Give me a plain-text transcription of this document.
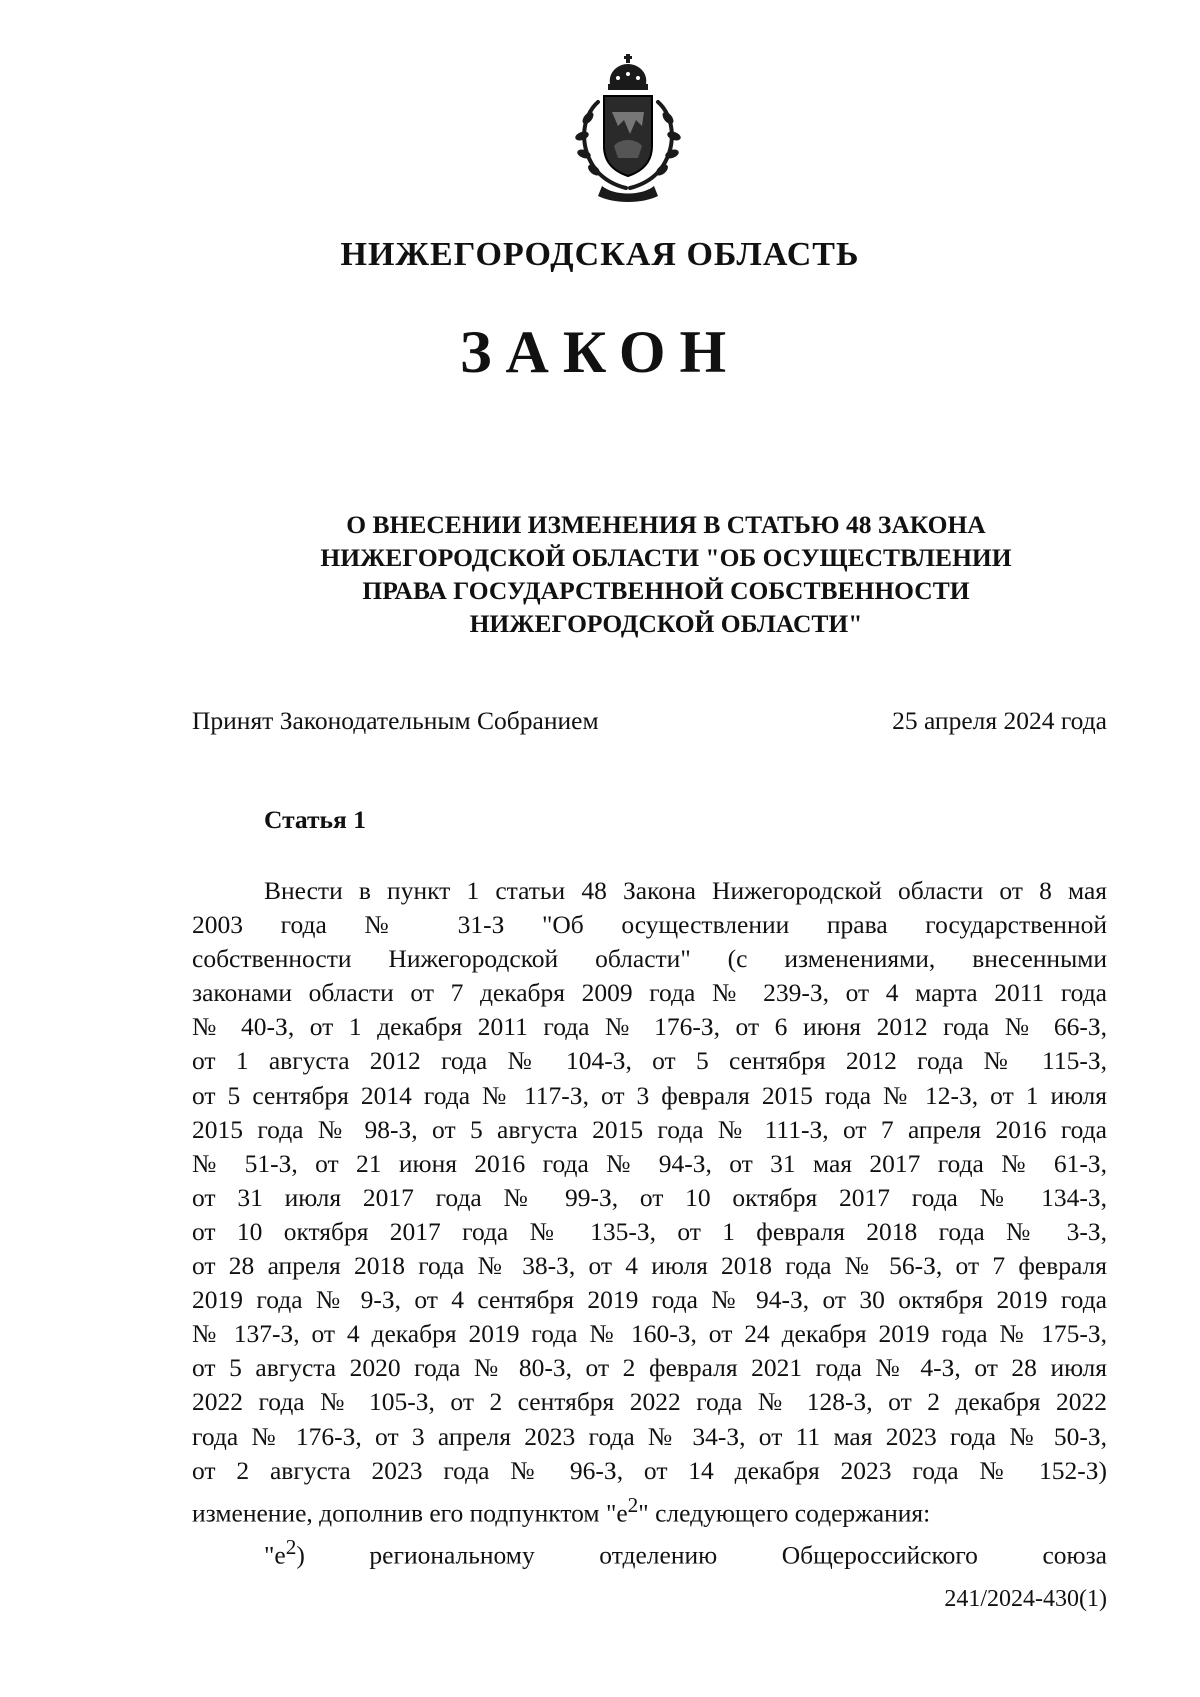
НИЖЕГОРОДСКАЯ ОБЛАСТЬ
ЗАКОН
О ВНЕСЕНИИ ИЗМЕНЕНИЯ В СТАТЬЮ 48 ЗАКОНА
НИЖЕГОРОДСКОЙ ОБЛАСТИ "ОБ ОСУЩЕСТВЛЕНИИ
ПРАВА ГОСУДАРСТВЕННОЙ СОБСТВЕННОСТИ
НИЖЕГОРОДСКОЙ ОБЛАСТИ"
Принят Законодательным Собранием	25 апреля 2024 года
Статья 1
Внести в пункт 1 статьи 48 Закона Нижегородской области от 8 мая
2003 года № 31-З "Об осуществлении права государственной
собственности Нижегородской области" (с изменениями, внесенными
законами области от 7 декабря 2009 года № 239-З, от 4 марта 2011 года
№ 40-З, от 1 декабря 2011 года № 176-З, от 6 июня 2012 года № 66-З,
от 1 августа 2012 года № 104-З, от 5 сентября 2012 года № 115-З,
от 5 сентября 2014 года № 117-З, от 3 февраля 2015 года № 12-З, от 1 июля
2015 года № 98-З, от 5 августа 2015 года № 111-З, от 7 апреля 2016 года
№ 51-З, от 21 июня 2016 года № 94-З, от 31 мая 2017 года № 61-З,
от 31 июля 2017 года № 99-З, от 10 октября 2017 года № 134-З,
от 10 октября 2017 года № 135-З, от 1 февраля 2018 года № 3-З,
от 28 апреля 2018 года № 38-З, от 4 июля 2018 года № 56-З, от 7 февраля
2019 года № 9-З, от 4 сентября 2019 года № 94-З, от 30 октября 2019 года
№ 137-З, от 4 декабря 2019 года № 160-З, от 24 декабря 2019 года № 175-З,
от 5 августа 2020 года № 80-З, от 2 февраля 2021 года № 4-З, от 28 июля
2022 года № 105-З, от 2 сентября 2022 года № 128-З, от 2 декабря 2022
года № 176-З, от 3 апреля 2023 года № 34-З, от 11 мая 2023 года № 50-З,
от 2 августа 2023 года № 96-З, от 14 декабря 2023 года № 152-З)
изменение, дополнив его подпунктом "$е^2$" следующего содержания:
"$е^2$) региональному отделению Общероссийского союза
241/2024-430(1)
